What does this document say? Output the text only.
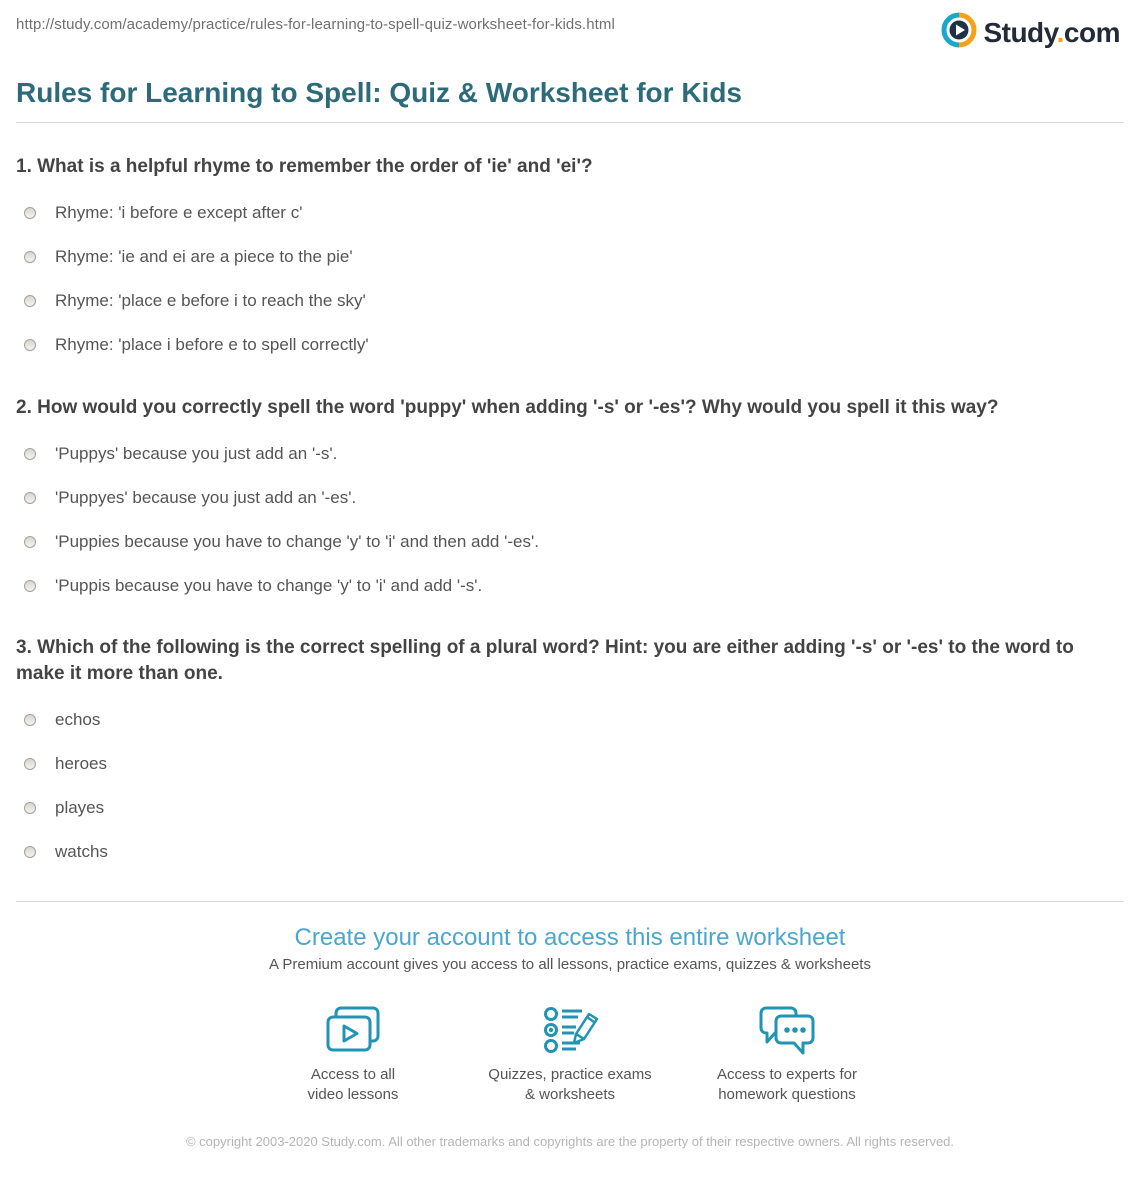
http://study.com/academy/practice/rules-for-learning-to-spell-quiz-worksheet-for-kids.html	Study.com
Rules for Learning to Spell: Quiz & Worksheet for Kids
1. What is a helpful rhyme to remember the order of 'ie' and 'ei'?
Rhyme: 'i before e except after c'
Rhyme: 'ie and ei are a piece to the pie'
Rhyme: 'place e before i to reach the sky'
Rhyme: 'place i before e to spell correctly'
2. How would you correctly spell the word 'puppy' when adding '-s' or '-es'? Why would you spell it this way?
'Puppys' because you just add an '-s'.
'Puppyes' because you just add an '-es'.
'Puppies because you have to change 'y' to 'i' and then add '-es'.
'Puppis because you have to change 'y' to 'i' and add '-s'.
3. Which of the following is the correct spelling of a plural word? Hint: you are either adding '-s' or '-es' to the word to make it more than one.
echos
heroes
playes
watchs
Create your account to access this entire worksheet
A Premium account gives you access to all lessons, practice exams, quizzes & worksheets
Access to all
video lessons
Quizzes, practice exams
& worksheets
Access to experts for
homework questions
© copyright 2003-2020 Study.com. All other trademarks and copyrights are the property of their respective owners. All rights reserved.
